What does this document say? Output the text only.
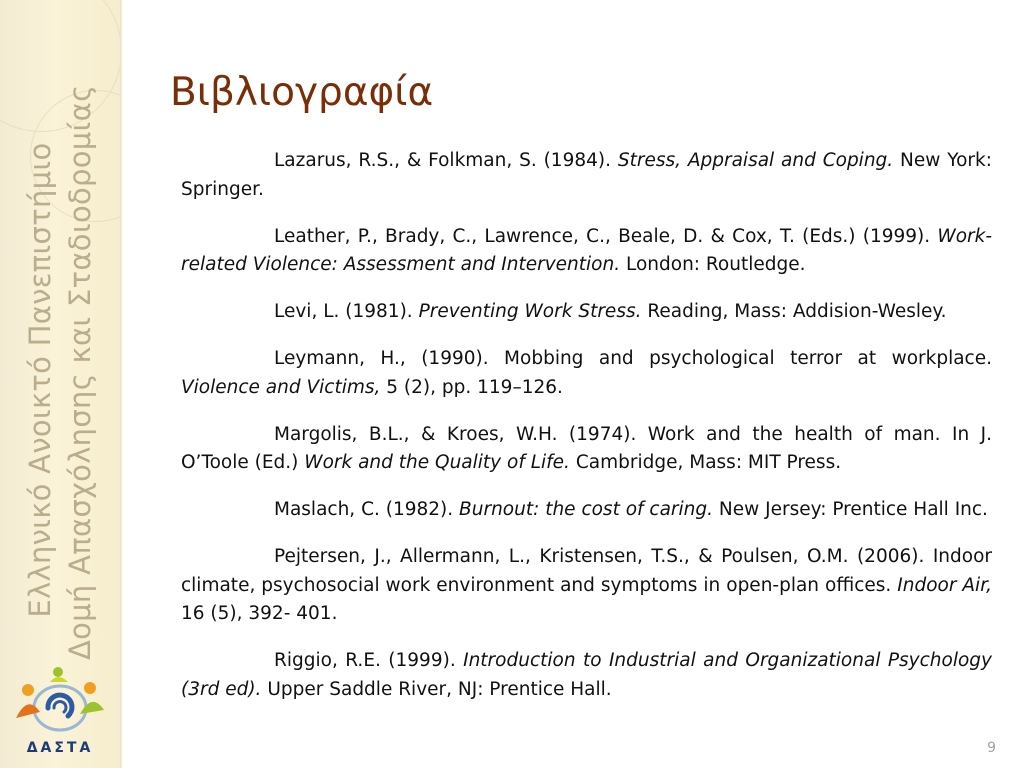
Ελληνικό Ανοικτό Πανεπιστήμιο Δομή Απασχόλησης και Σταδιοδρομίας
ΔΑΣΤΑ
Βιβλιογραφία

Lazarus, R.S., & Folkman, S. (1984). Stress, Appraisal and Coping. New York: Springer.

Leather, P., Brady, C., Lawrence, C., Beale, D. & Cox, T. (Eds.) (1999). Work-related Violence: Assessment and Intervention. London: Routledge.

Levi, L. (1981). Preventing Work Stress. Reading, Mass: Addision-Wesley.

Leymann, H., (1990). Mobbing and psychological terror at workplace. Violence and Victims, 5 (2), pp. 119–126.

Margolis, B.L., & Kroes, W.H. (1974). Work and the health of man. In J. O’Toole (Ed.) Work and the Quality of Life. Cambridge, Mass: MIT Press.

Maslach, C. (1982). Burnout: the cost of caring. New Jersey: Prentice Hall Inc.

Pejtersen, J., Allermann, L., Kristensen, T.S., & Poulsen, O.M. (2006). Indoor climate, psychosocial work environment and symptoms in open-plan offices. Indoor Air, 16 (5), 392- 401.

Riggio, R.E. (1999). Introduction to Industrial and Organizational Psychology (3rd ed). Upper Saddle River, NJ: Prentice Hall.

9
